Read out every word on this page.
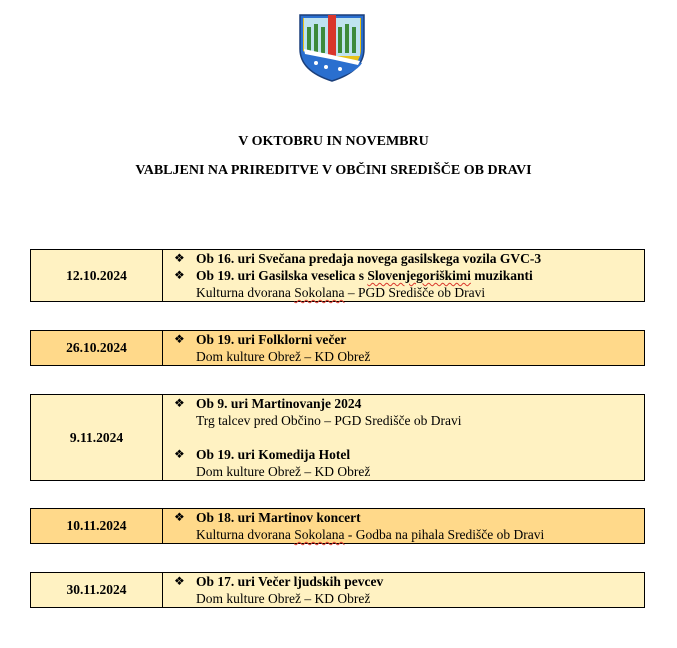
V OKTOBRU IN NOVEMBRU
VABLJENI NA PRIREDITVE V OBČINI SREDIŠČE OB DRAVI
12.10.2024	
❖ Ob 16. uri Svečana predaja novega gasilskega vozila GVC-3
❖ Ob 19. uri Gasilska veselica s Slovenjegoriškimi muzikanti
Kulturna dvorana Sokolana – PGD Središče ob Dravi
26.10.2024	
❖ Ob 19. uri Folklorni večer
Dom kulture Obrež – KD Obrež
9.11.2024	
❖ Ob 9. uri Martinovanje 2024
Trg talcev pred Občino – PGD Središče ob Dravi
❖ Ob 19. uri Komedija Hotel
Dom kulture Obrež – KD Obrež
10.11.2024	
❖ Ob 18. uri Martinov koncert
Kulturna dvorana Sokolana - Godba na pihala Središče ob Dravi
30.11.2024	
❖ Ob 17. uri Večer ljudskih pevcev
Dom kulture Obrež – KD Obrež
